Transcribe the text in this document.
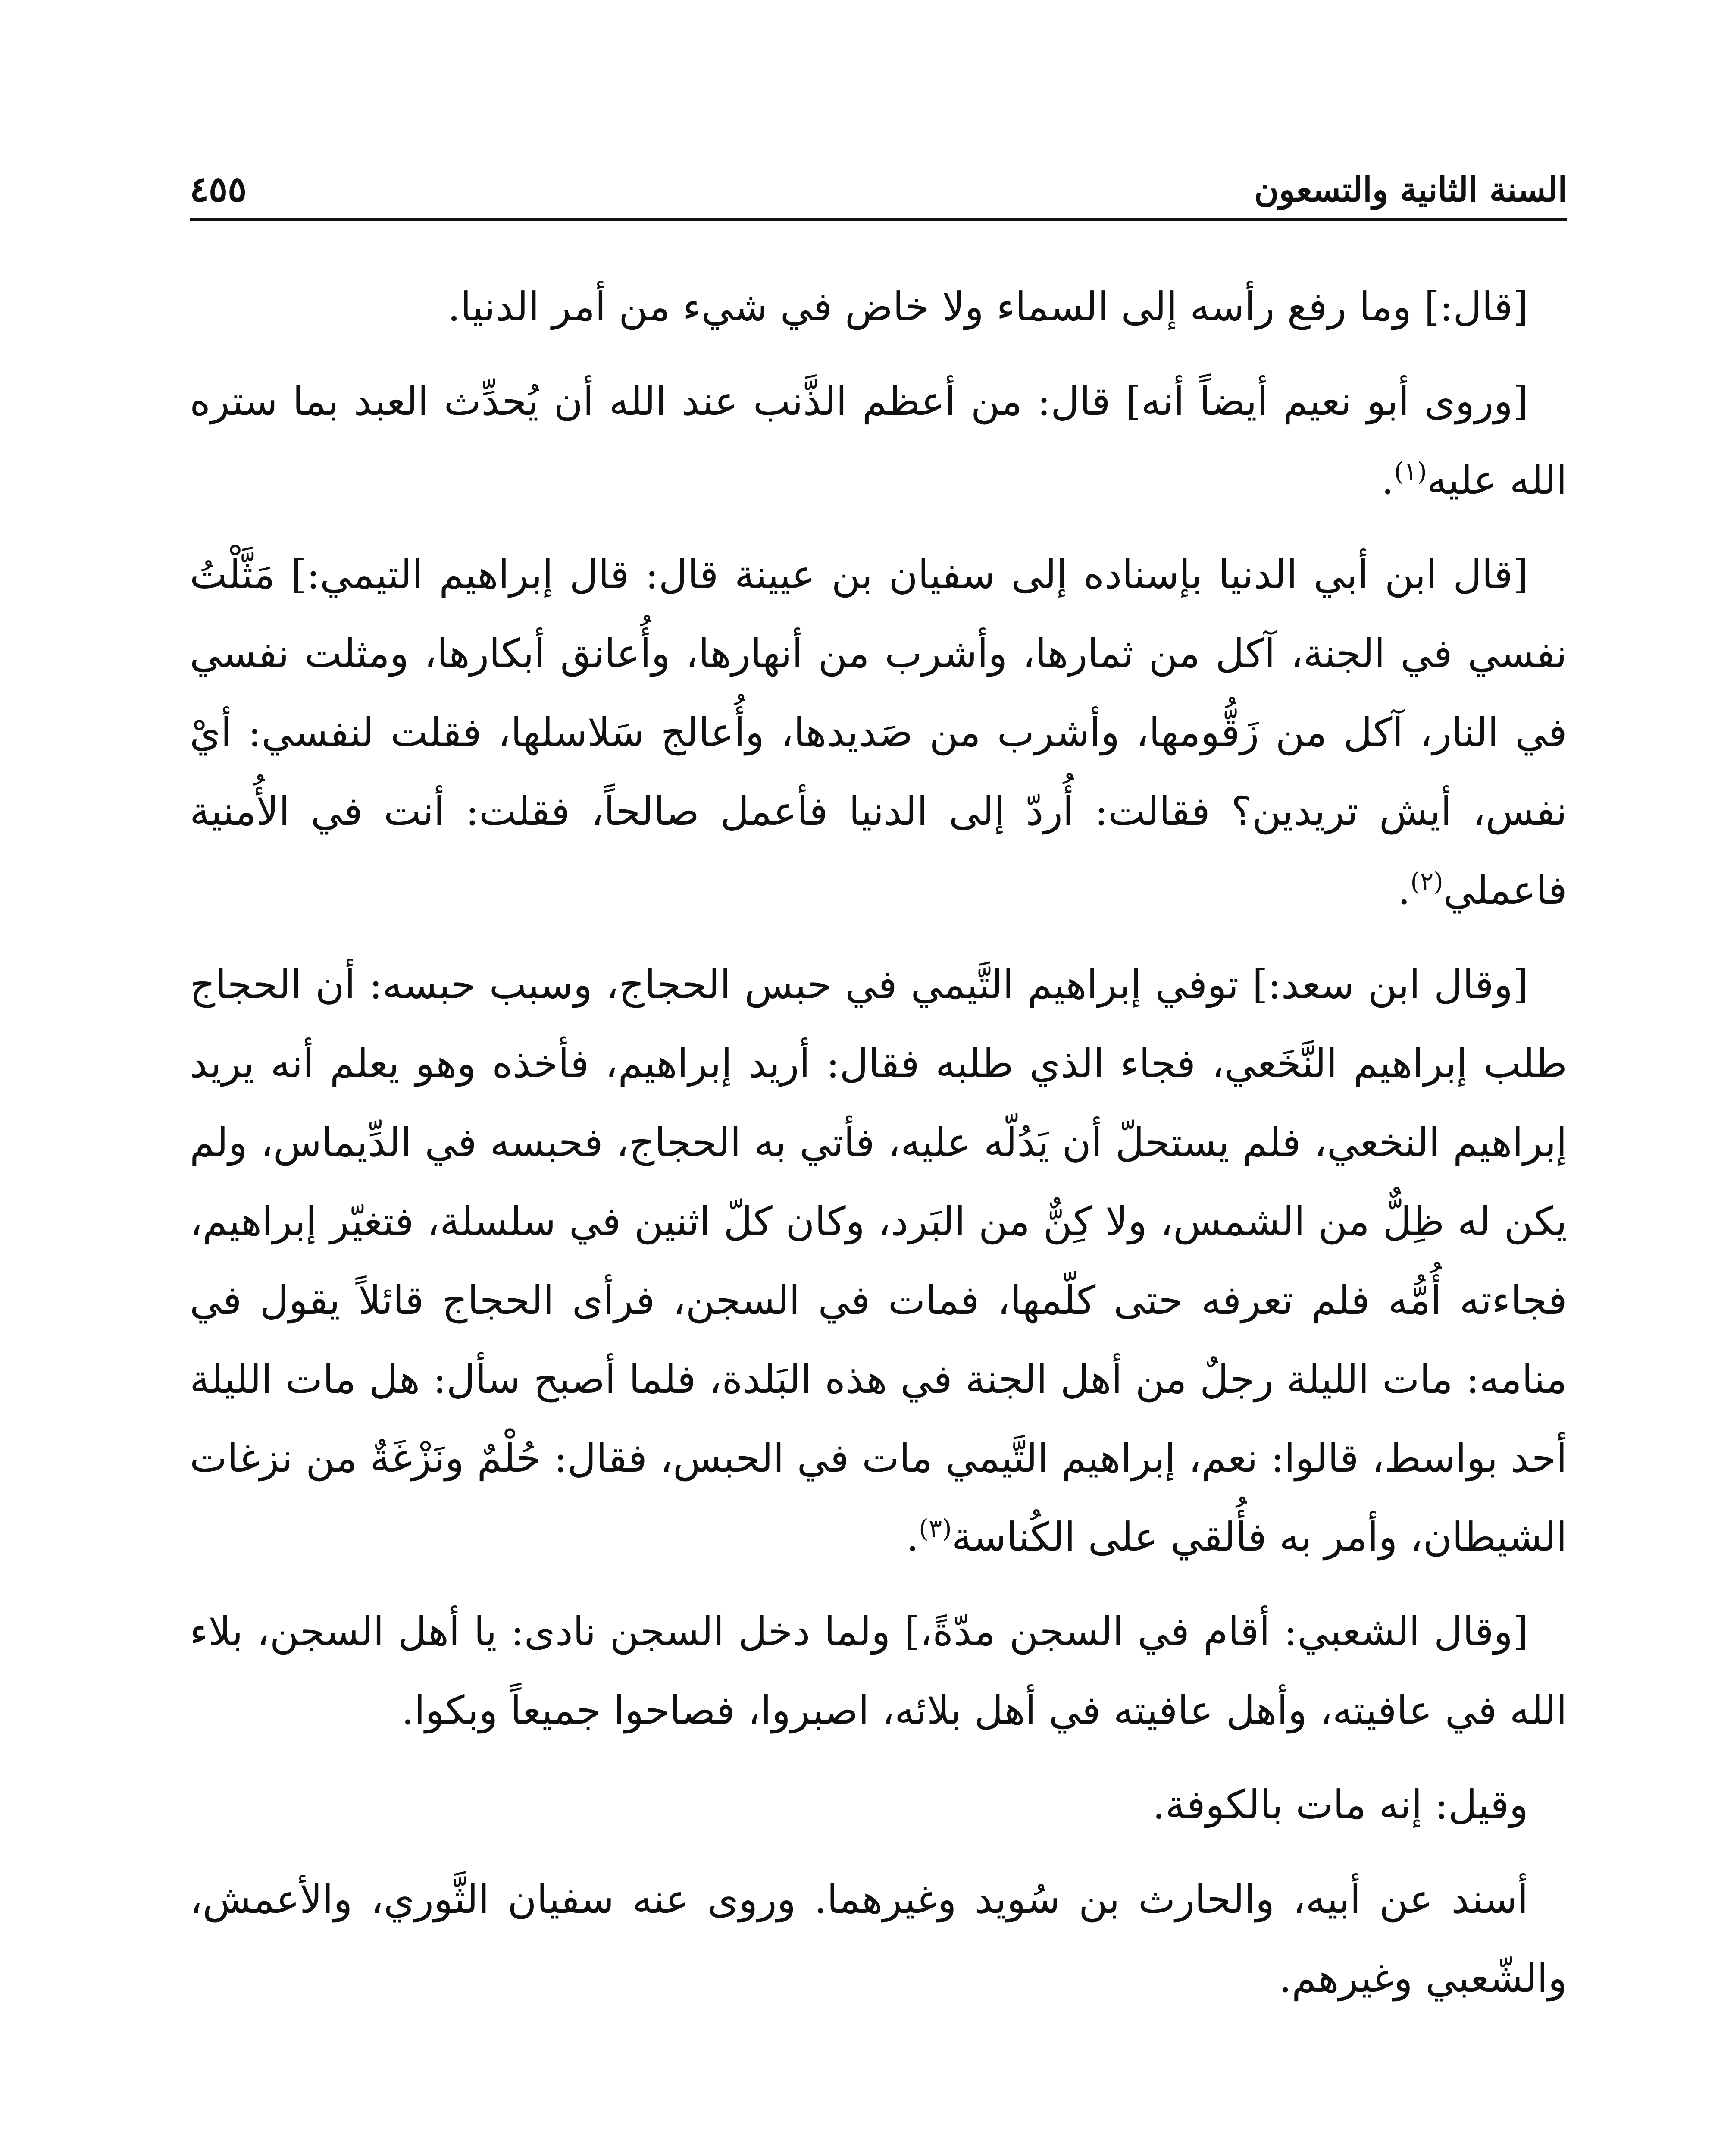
السنة الثانية والتسعون
٤٥٥

[قال:] وما رفع رأسه إلى السماء ولا خاض في شيء من أمر الدنيا.

[وروى أبو نعيم أيضاً أنه] قال: من أعظم الذَّنب عند الله أن يُحدِّث العبد بما ستره الله عليه$^{(١)}$.

[قال ابن أبي الدنيا بإسناده إلى سفيان بن عيينة قال: قال إبراهيم التيمي:] مَثَّلْتُ نفسي في الجنة، آكل من ثمارها، وأشرب من أنهارها، وأُعانق أبكارها، ومثلت نفسي في النار، آكل من زَقُّومها، وأشرب من صَديدها، وأُعالج سَلاسلها، فقلت لنفسي: أيْ نفس، أيش تريدين؟ فقالت: أُردّ إلى الدنيا فأعمل صالحاً، فقلت: أنت في الأُمنية فاعملي$^{(٢)}$.

[وقال ابن سعد:] توفي إبراهيم التَّيمي في حبس الحجاج، وسبب حبسه: أن الحجاج طلب إبراهيم النَّخَعي، فجاء الذي طلبه فقال: أريد إبراهيم، فأخذه وهو يعلم أنه يريد إبراهيم النخعي، فلم يستحلّ أن يَدُلّه عليه، فأتي به الحجاج، فحبسه في الدِّيماس، ولم يكن له ظِلٌّ من الشمس، ولا كِنٌّ من البَرد، وكان كلّ اثنين في سلسلة، فتغيّر إبراهيم، فجاءته أُمُّه فلم تعرفه حتى كلّمها، فمات في السجن، فرأى الحجاج قائلاً يقول في منامه: مات الليلة رجلٌ من أهل الجنة في هذه البَلدة، فلما أصبح سأل: هل مات الليلة أحد بواسط، قالوا: نعم، إبراهيم التَّيمي مات في الحبس، فقال: حُلْمٌ ونَزْغَةٌ من نزغات الشيطان، وأمر به فأُلقي على الكُناسة$^{(٣)}$.

[وقال الشعبي: أقام في السجن مدّةً،] ولما دخل السجن نادى: يا أهل السجن، بلاء الله في عافيته، وأهل عافيته في أهل بلائه، اصبروا، فصاحوا جميعاً وبكوا.

وقيل: إنه مات بالكوفة.

أسند عن أبيه، والحارث بن سُويد وغيرهما. وروى عنه سفيان الثَّوري، والأعمش، والشّعبي وغيرهم.
